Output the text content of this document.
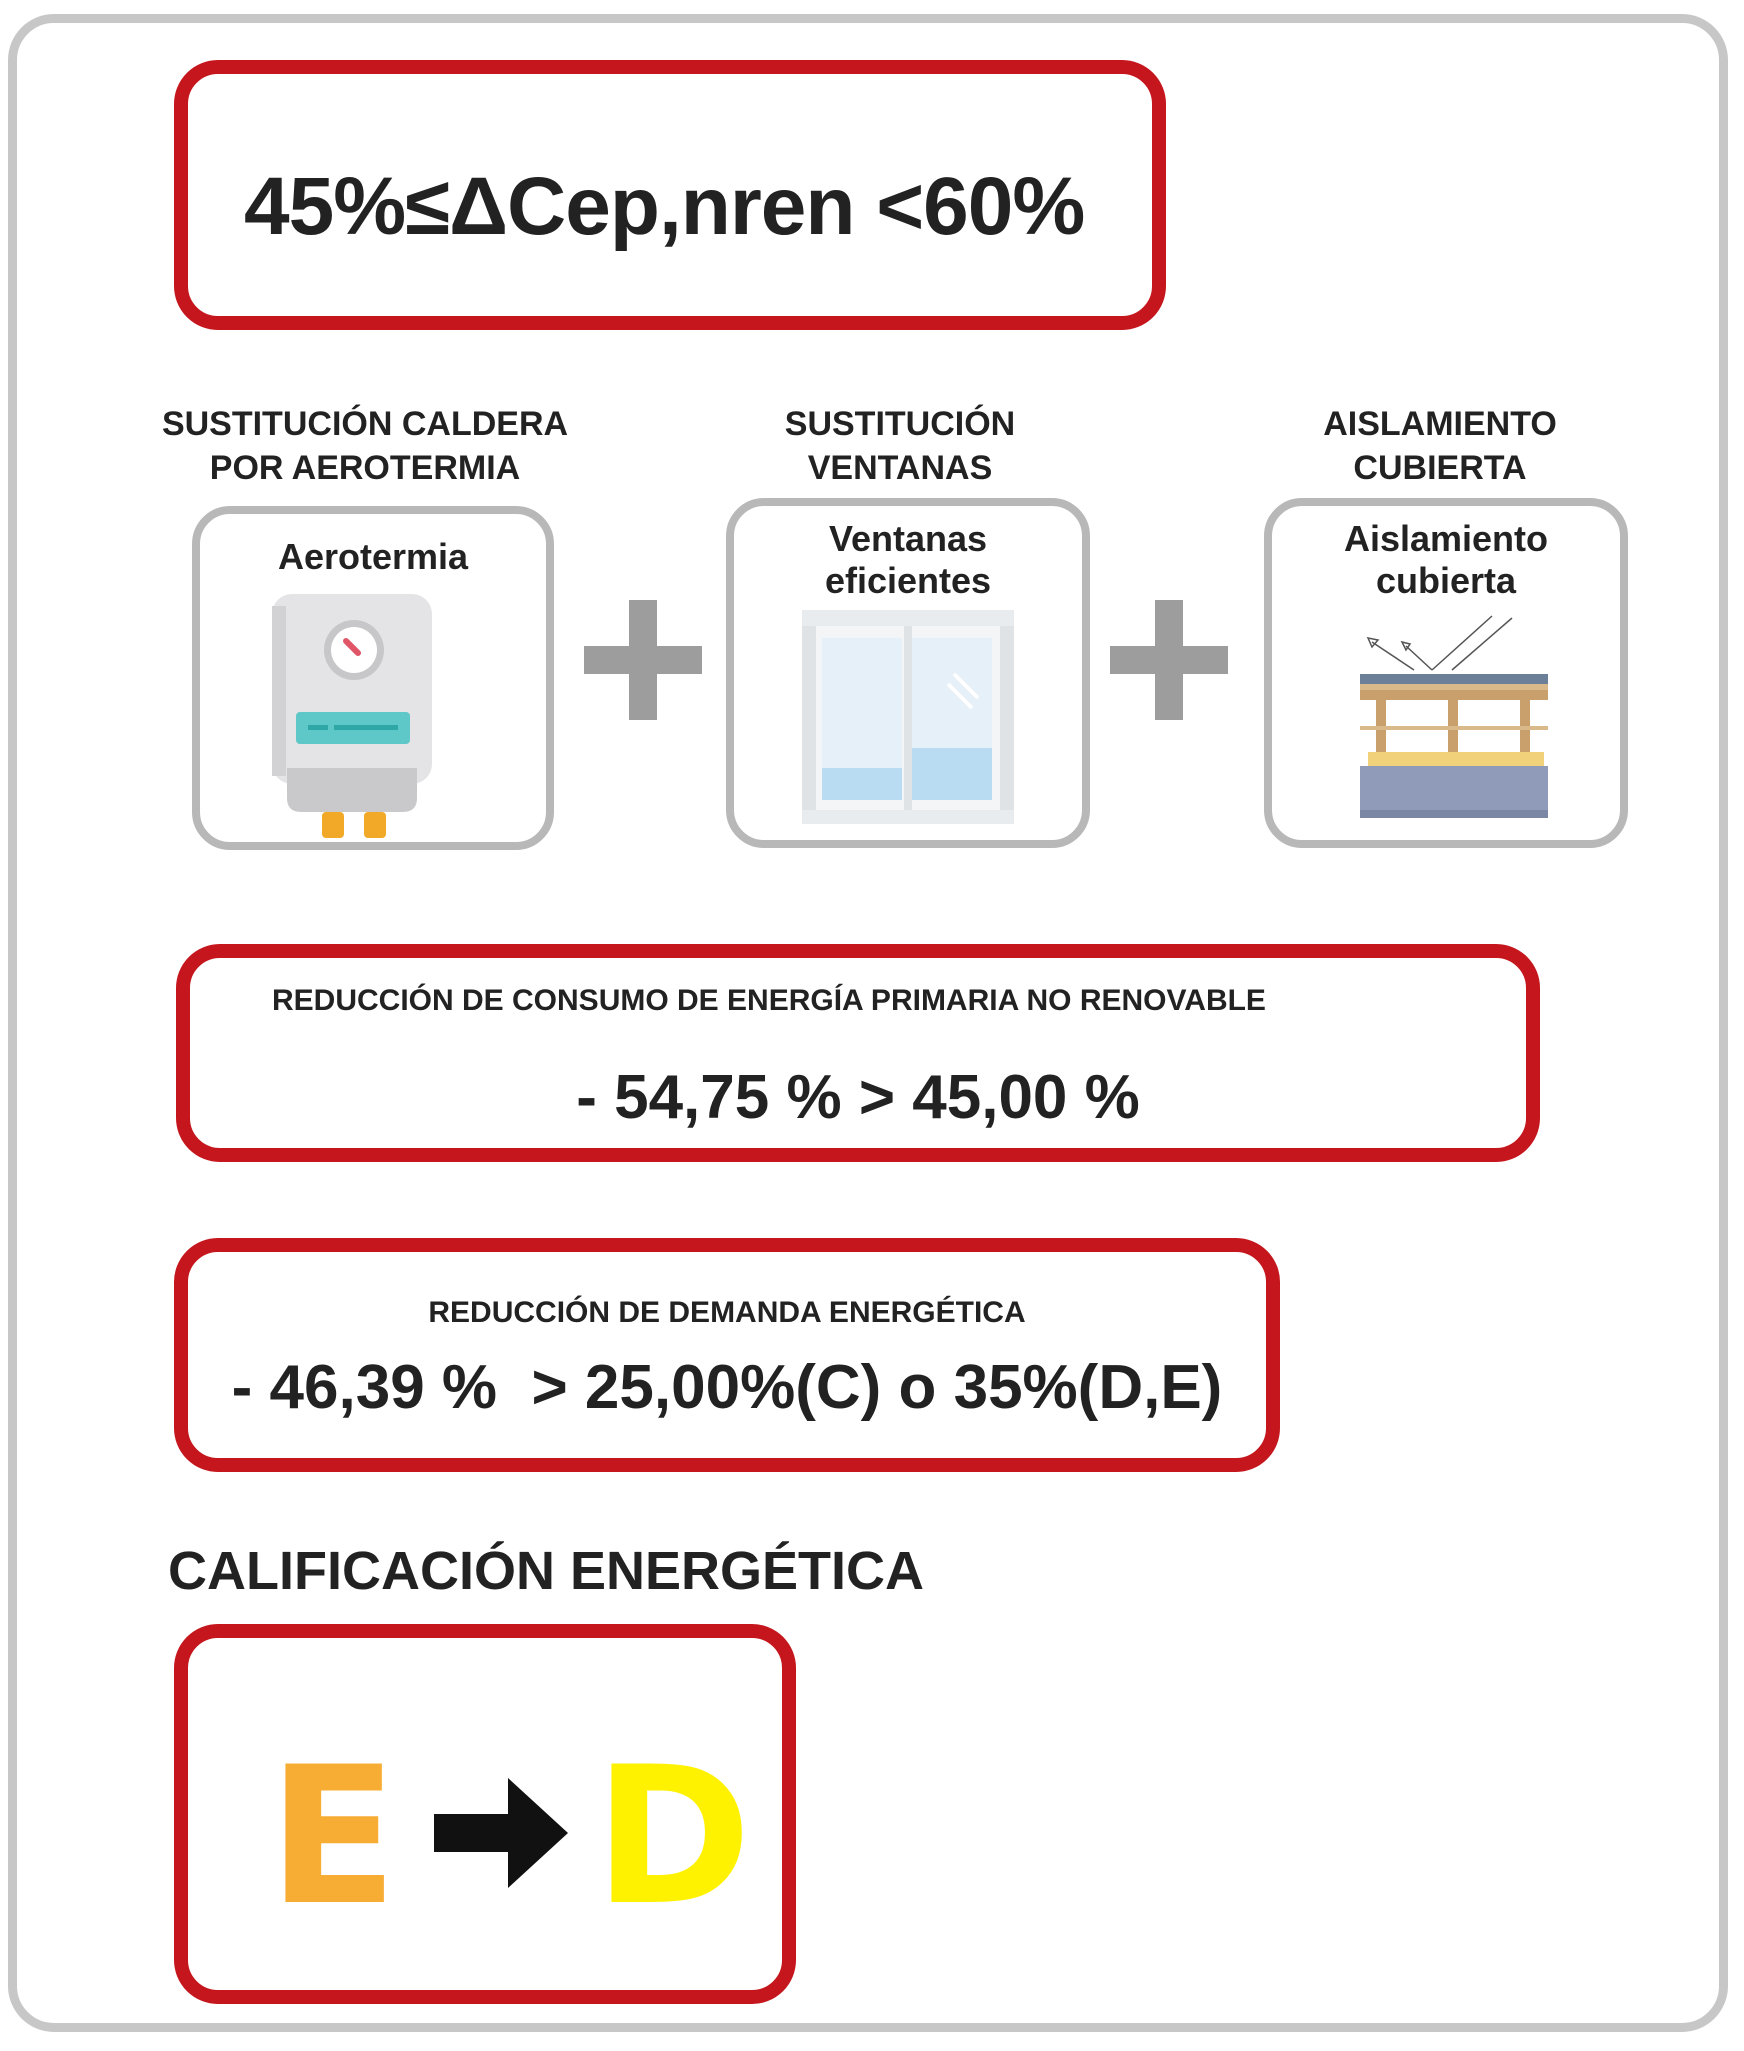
45%≤ΔCep,nren <60%
SUSTITUCIÓN CALDERA
POR AEROTERMIA
SUSTITUCIÓN
VENTANAS
AISLAMIENTO
CUBIERTA
Aerotermia	Ventanas
eficientes
Aislamiento
cubierta
REDUCCIÓN DE CONSUMO DE ENERGÍA PRIMARIA NO RENOVABLE
- 54,75 % > 45,00 %
REDUCCIÓN DE DEMANDA ENERGÉTICA
- 46,39 %  > 25,00%(C) o 35%(D,E)
CALIFICACIÓN ENERGÉTICA
E D
